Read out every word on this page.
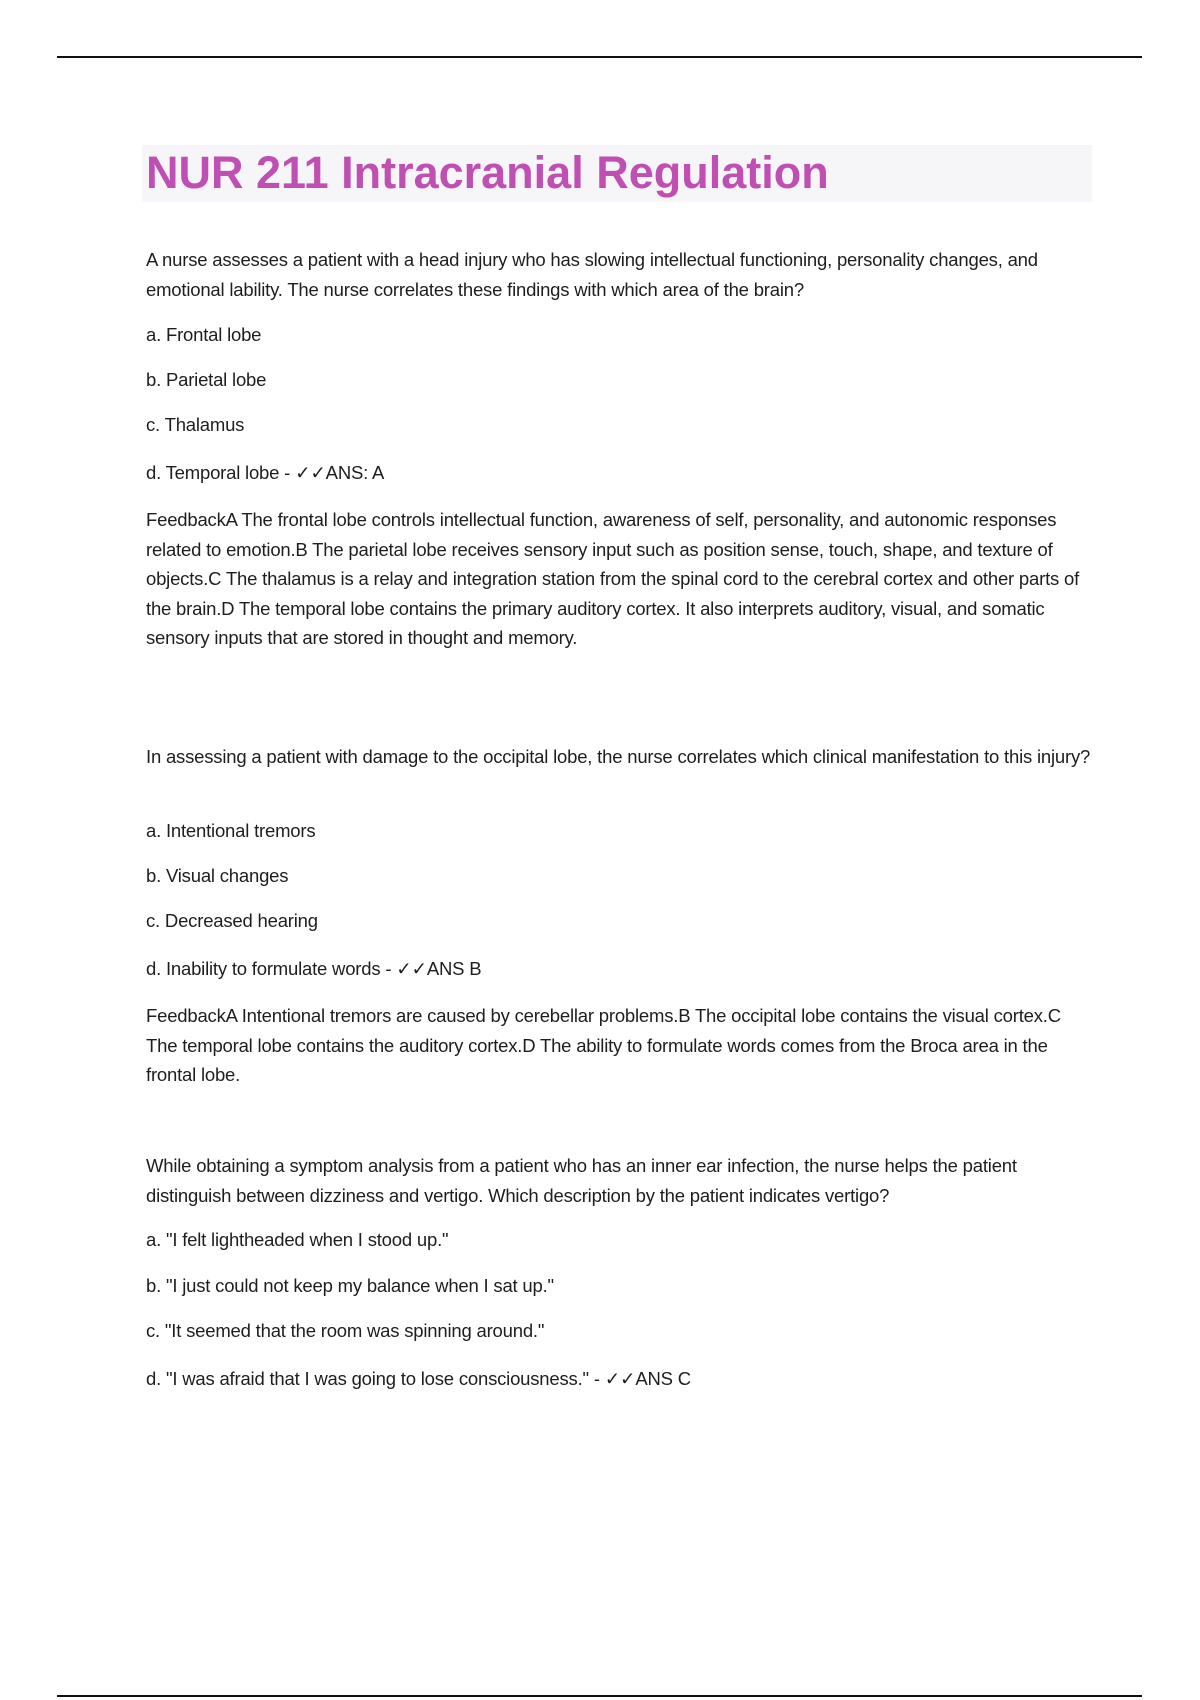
NUR 211 Intracranial Regulation
A nurse assesses a patient with a head injury who has slowing intellectual functioning, personality changes, and emotional lability. The nurse correlates these findings with which area of the brain?
a. Frontal lobe
b. Parietal lobe
c. Thalamus
d. Temporal lobe - ✓✓ANS: A
FeedbackA The frontal lobe controls intellectual function, awareness of self, personality, and autonomic responses related to emotion.B The parietal lobe receives sensory input such as position sense, touch, shape, and texture of objects.C The thalamus is a relay and integration station from the spinal cord to the cerebral cortex and other parts of the brain.D The temporal lobe contains the primary auditory cortex. It also interprets auditory, visual, and somatic sensory inputs that are stored in thought and memory.
In assessing a patient with damage to the occipital lobe, the nurse correlates which clinical manifestation to this injury?
a. Intentional tremors
b. Visual changes
c. Decreased hearing
d. Inability to formulate words - ✓✓ANS B
FeedbackA Intentional tremors are caused by cerebellar problems.B The occipital lobe contains the visual cortex.C The temporal lobe contains the auditory cortex.D The ability to formulate words comes from the Broca area in the frontal lobe.
While obtaining a symptom analysis from a patient who has an inner ear infection, the nurse helps the patient distinguish between dizziness and vertigo. Which description by the patient indicates vertigo?
a. "I felt lightheaded when I stood up."
b. "I just could not keep my balance when I sat up."
c. "It seemed that the room was spinning around."
d. "I was afraid that I was going to lose consciousness." - ✓✓ANS C
